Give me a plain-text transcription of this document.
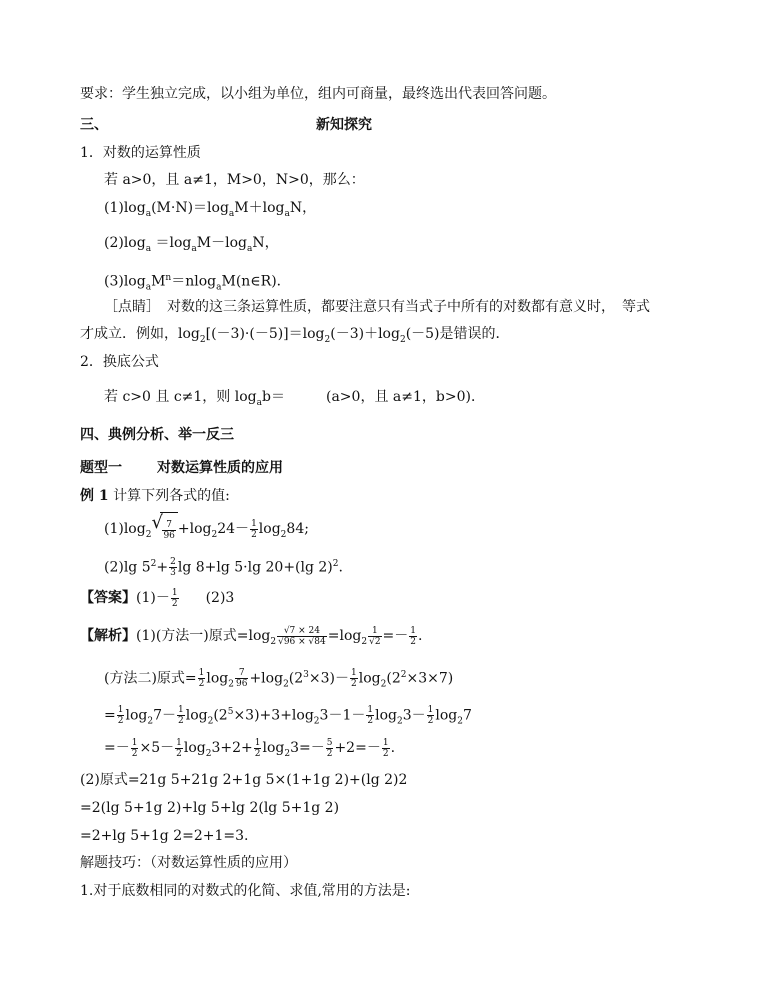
要求：学生独立完成，以小组为单位，组内可商量，最终选出代表回答问题。
三、	新知探究
1．对数的运算性质
若 a>0，且 a≠1，M>0，N>0，那么：
$(1)\log_a(M\cdot N)=\log_aM+\log_aN$，
$(2)\log_a =\log_aM-\log_aN$，
$(3)\log_aM^n=nlog_aM(n\in R)$．
［点睛］　对数的这三条运算性质，都要注意只有当式子中所有的对数都有意义时，　等式
才成立．例如，$\log_2[(-3)\cdot(-5)]=\log_2(-3)+\log_2(-5)$是错误的．
2．换底公式
若 c>0 且 c≠1，则 $\log_ab=$	(a>0，且 a≠1，b>0)．
四、典例分析、举一反三
题型一	对数运算性质的应用
例 1 计算下列各式的值:
$(1)\log_2$
√ $\frac{7}{96} +\log_224- \frac{1}{2} \log_284$;
(2)lg $5^2+ \frac{2}{3}$ lg 8+lg 5·lg 20+(lg 2)$^2$.
【答案】$(1)- \frac{1}{2} (2)3$
【解析】(1)(方法一)原式$=\log_2 \frac{√7 \times 24}{√96 \times √84} =\log_2 \frac{1}{√2} =- \frac{1}{2}$ .
(方法二)原式= $\frac{1}{2} \log_2 \frac{7}{96} +\log_2(2^3\times 3)- \frac{1}{2} \log_2(2^2\times 3\times 7)$
= $\frac{1}{2} \log_27- \frac{1}{2} \log_2(2^5\times 3)+3+\log_23-1- \frac{1}{2} \log_23- \frac{1}{2} \log_27$
=－ $\frac{1}{2} \times 5- \frac{1}{2} \log_23+2+ \frac{1}{2} \log_23=- \frac{5}{2} +2=- \frac{1}{2}$ .
(2)原式=21g 5+21g 2+1g 5×(1+1g 2)+(lg 2)2
=2(lg 5+1g 2)+lg 5+lg 2(lg 5+1g 2)
=2+lg 5+1g 2=2+1=3.
解题技巧：（对数运算性质的应用）
1.对于底数相同的对数式的化简、求值,常用的方法是:
